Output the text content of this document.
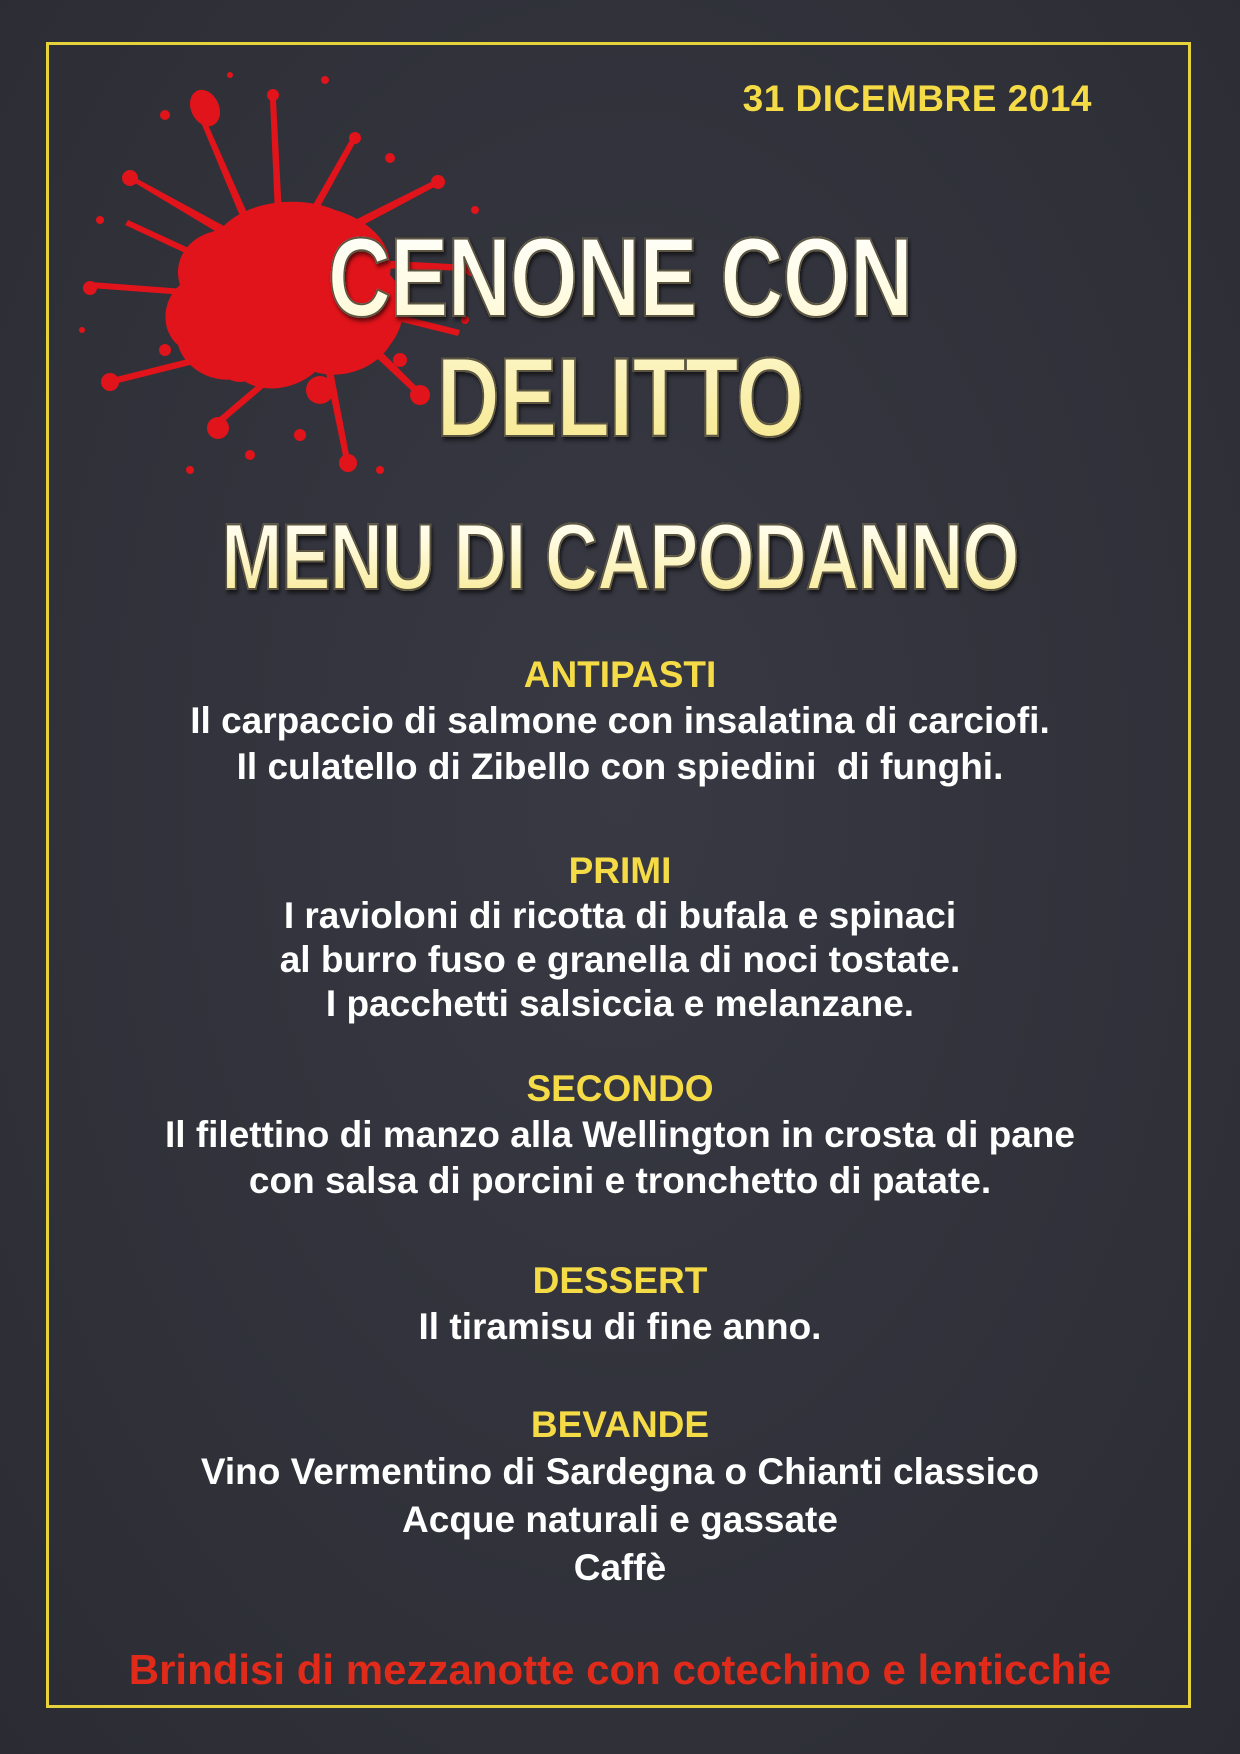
31 DICEMBRE 2014
CENONE CON DELITTO
MENU DI CAPODANNO
ANTIPASTI
Il carpaccio di salmone con insalatina di carciofi.
Il culatello di Zibello con spiedini  di funghi.
PRIMI
I ravioloni di ricotta di bufala e spinaci
al burro fuso e granella di noci tostate.
I pacchetti salsiccia e melanzane.
SECONDO
Il filettino di manzo alla Wellington in crosta di pane
con salsa di porcini e tronchetto di patate.
DESSERT
Il tiramisu di fine anno.
BEVANDE
Vino Vermentino di Sardegna o Chianti classico
Acque naturali e gassate
Caffè
Brindisi di mezzanotte con cotechino e lenticchie
